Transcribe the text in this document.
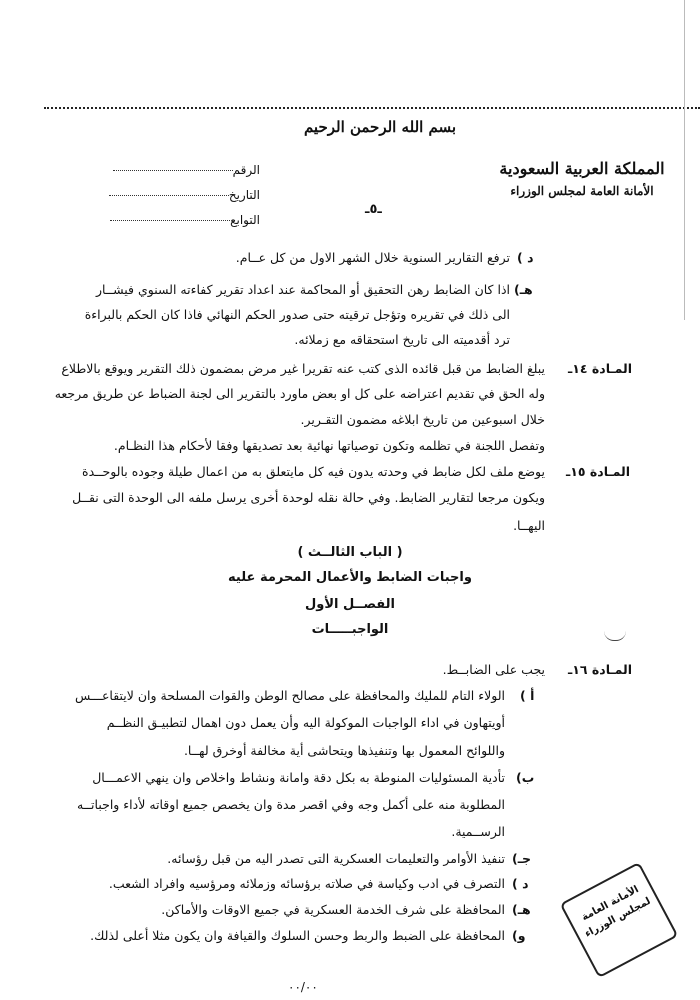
بسم الله الرحمن الرحيم
المملكة العربية السعودية
الأمانة العامة لمجلس الوزراء
ـ٥ـ
الرقم
التاريخ
التوابع
د )
ترفع التقارير السنوية خلال الشهر الاول من كل عــام.
هـ)
اذا كان الضابط رهن التحقيق أو المحاكمة عند اعداد تقرير كفاءته السنوي فيشــار
الى ذلك في تقريره وتؤجل ترقيته حتى صدور الحكم النهائي فاذا كان الحكم بالبراءة
ترد أقدميته الى تاريخ استحقاقه مع زملائه.
المـادة ١٤ـ
يبلغ الضابط من قبل قائده الذى كتب عنه تقريرا غير مرض بمضمون ذلك التقرير ويوقع بالاطلاع
وله الحق في تقديم اعتراضه على كل او بعض ماورد بالتقرير الى لجنة الضباط عن طريق مرجعه
خلال اسبوعين من تاريخ ابلاغه مضمون التقـرير.
وتفصل اللجنة في تظلمه وتكون توصياتها نهائية بعد تصديقها وفقا لأحكام هذا النظـام.
المـادة ١٥ـ
يوضع ملف لكل ضابط في وحدته يدون فيه كل مايتعلق به من اعمال طيلة وجوده بالوحــدة
ويكون مرجعا لتقارير الضابط. وفي حالة نقله لوحدة أخرى يرسل ملفه الى الوحدة التى نقــل
اليهــا.
( الباب الثالــث )
واجبات الضابط والأعمال المحرمة عليه
الفصــل الأول
الواجبـــــات
المـادة ١٦ـ
يجب على الضابــط.
أ )
الولاء التام للمليك والمحافظة على مصالح الوطن والقوات المسلحة وان لايتقاعـــس
أويتهاون في اداء الواجبات الموكولة اليه وأن يعمل دون اهمال لتطبيـق النظــم
واللوائح المعمول بها وتنفيذها ويتحاشى أية مخالفة أوخرق لهــا.
ب)
تأدية المسئوليات المنوطة به بكل دقة وامانة ونشاط واخلاص وان ينهي الاعمـــال
المطلوبة منه على أكمل وجه وفي اقصر مدة وان يخصص جميع اوقاته لأداء واجباتــه
الرســمية.
جـ)
تنفيذ الأوامر والتعليمات العسكرية التى تصدر اليه من قبل رؤسائه.
د )
التصرف في ادب وكياسة في صلاته برؤسائه وزملائه ومرؤسيه وافراد الشعب.
هـ)
المحافظة على شرف الخدمة العسكرية في جميع الاوقات والأماكن.
و)
المحافظة على الضبط والربط وحسن السلوك والقيافة وان يكون مثلا أعلى لذلك.
الأمانة العامة لمجلس الوزراء
٠٠/٠٠
